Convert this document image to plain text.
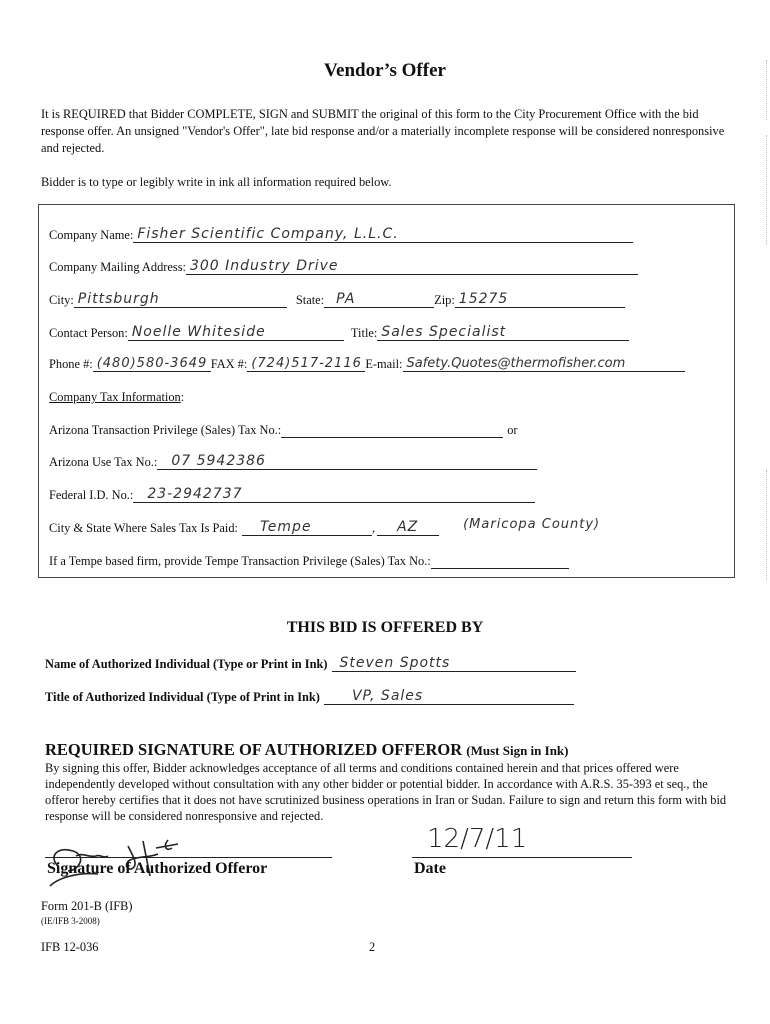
Vendor’s Offer
It is REQUIRED that Bidder COMPLETE, SIGN and SUBMIT the original of this form to the City Procurement Office with the bid response offer. An unsigned "Vendor's Offer", late bid response and/or a materially incomplete response will be considered nonresponsive and rejected.
Bidder is to type or legibly write in ink all information required below.
Company Name: Fisher Scientific Company, L.L.C.
Company Mailing Address: 300 Industry Drive
City: Pittsburgh	State: PA	Zip: 15275
Contact Person: Noelle Whiteside	Title: Sales Specialist
Phone #: (480)580-3649 FAX #: (724)517-2116 E-mail: Safety.Quotes@thermofisher.com
Company Tax Information:
Arizona Transaction Privilege (Sales) Tax No.:	or
Arizona Use Tax No.: 07 5942386
Federal I.D. No.: 23-2942737
City & State Where Sales Tax Is Paid: Tempe	, AZ	(Maricopa County)
If a Tempe based firm, provide Tempe Transaction Privilege (Sales) Tax No.:
THIS BID IS OFFERED BY
Name of Authorized Individual (Type or Print in Ink) Steven Spotts
Title of Authorized Individual (Type of Print in Ink) VP, Sales
REQUIRED SIGNATURE OF AUTHORIZED OFFEROR (Must Sign in Ink)
By signing this offer, Bidder acknowledges acceptance of all terms and conditions contained herein and that prices offered were independently developed without consultation with any other bidder or potential bidder. In accordance with A.R.S. 35-393 et seq., the offeror hereby certifies that it does not have scrutinized business operations in Iran or Sudan. Failure to sign and return this form with bid response will be considered nonresponsive and rejected.
Signature of Authorized Offeror
12/7/11
Date
Form 201-B (IFB)
(IE/IFB 3-2008)
IFB 12-036	2
